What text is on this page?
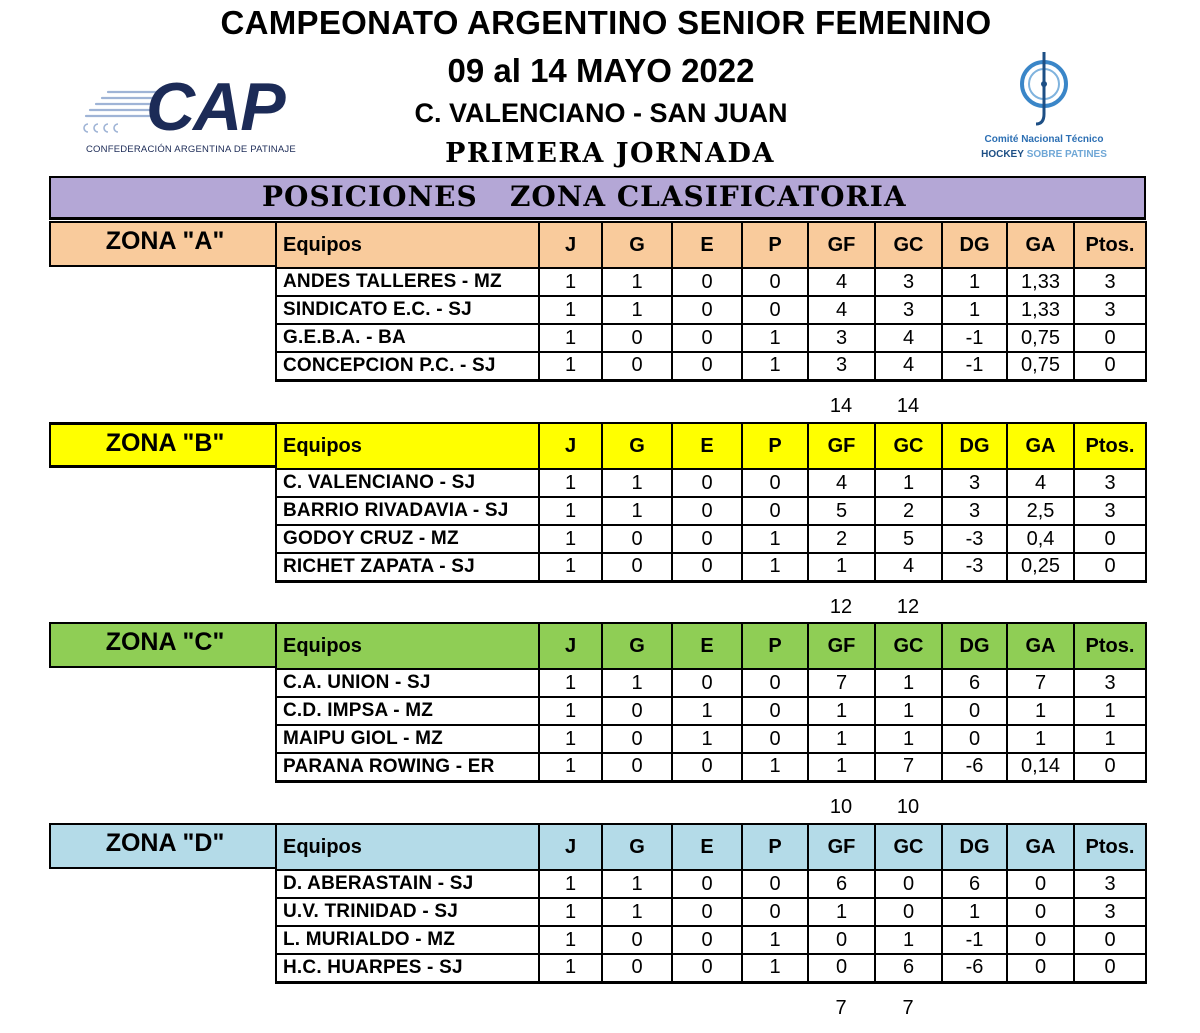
CAMPEONATO ARGENTINO SENIOR FEMENINO
09 al 14 MAYO 2022
C. VALENCIANO - SAN JUAN
PRIMERA JORNADA
CAP
CONFEDERACIÓN ARGENTINA DE PATINAJE
Comité Nacional Técnico
HOCKEY SOBRE PATINES
POSICIONES   ZONA CLASIFICATORIA
ZONA "A"	Equipos	J	G	E	P	GF	GC	DG	GA	Ptos.
ANDES TALLERES - MZ	1	1	0	0	4	3	1	1,33	3
SINDICATO E.C. - SJ	1	1	0	0	4	3	1	1,33	3
G.E.B.A. - BA	1	0	0	1	3	4	-1	0,75	0
CONCEPCION P.C. - SJ	1	0	0	1	3	4	-1	0,75	0
14	14
ZONA "B"	Equipos	J	G	E	P	GF	GC	DG	GA	Ptos.
C. VALENCIANO - SJ	1	1	0	0	4	1	3	4	3
BARRIO RIVADAVIA - SJ	1	1	0	0	5	2	3	2,5	3
GODOY CRUZ - MZ	1	0	0	1	2	5	-3	0,4	0
RICHET ZAPATA - SJ	1	0	0	1	1	4	-3	0,25	0
12	12
ZONA "C"	Equipos	J	G	E	P	GF	GC	DG	GA	Ptos.
C.A. UNION - SJ	1	1	0	0	7	1	6	7	3
C.D. IMPSA - MZ	1	0	1	0	1	1	0	1	1
MAIPU GIOL - MZ	1	0	1	0	1	1	0	1	1
PARANA ROWING - ER	1	0	0	1	1	7	-6	0,14	0
10	10
ZONA "D"	Equipos	J	G	E	P	GF	GC	DG	GA	Ptos.
D. ABERASTAIN - SJ	1	1	0	0	6	0	6	0	3
U.V. TRINIDAD - SJ	1	1	0	0	1	0	1	0	3
L. MURIALDO - MZ	1	0	0	1	0	1	-1	0	0
H.C. HUARPES - SJ	1	0	0	1	0	6	-6	0	0
7	7
